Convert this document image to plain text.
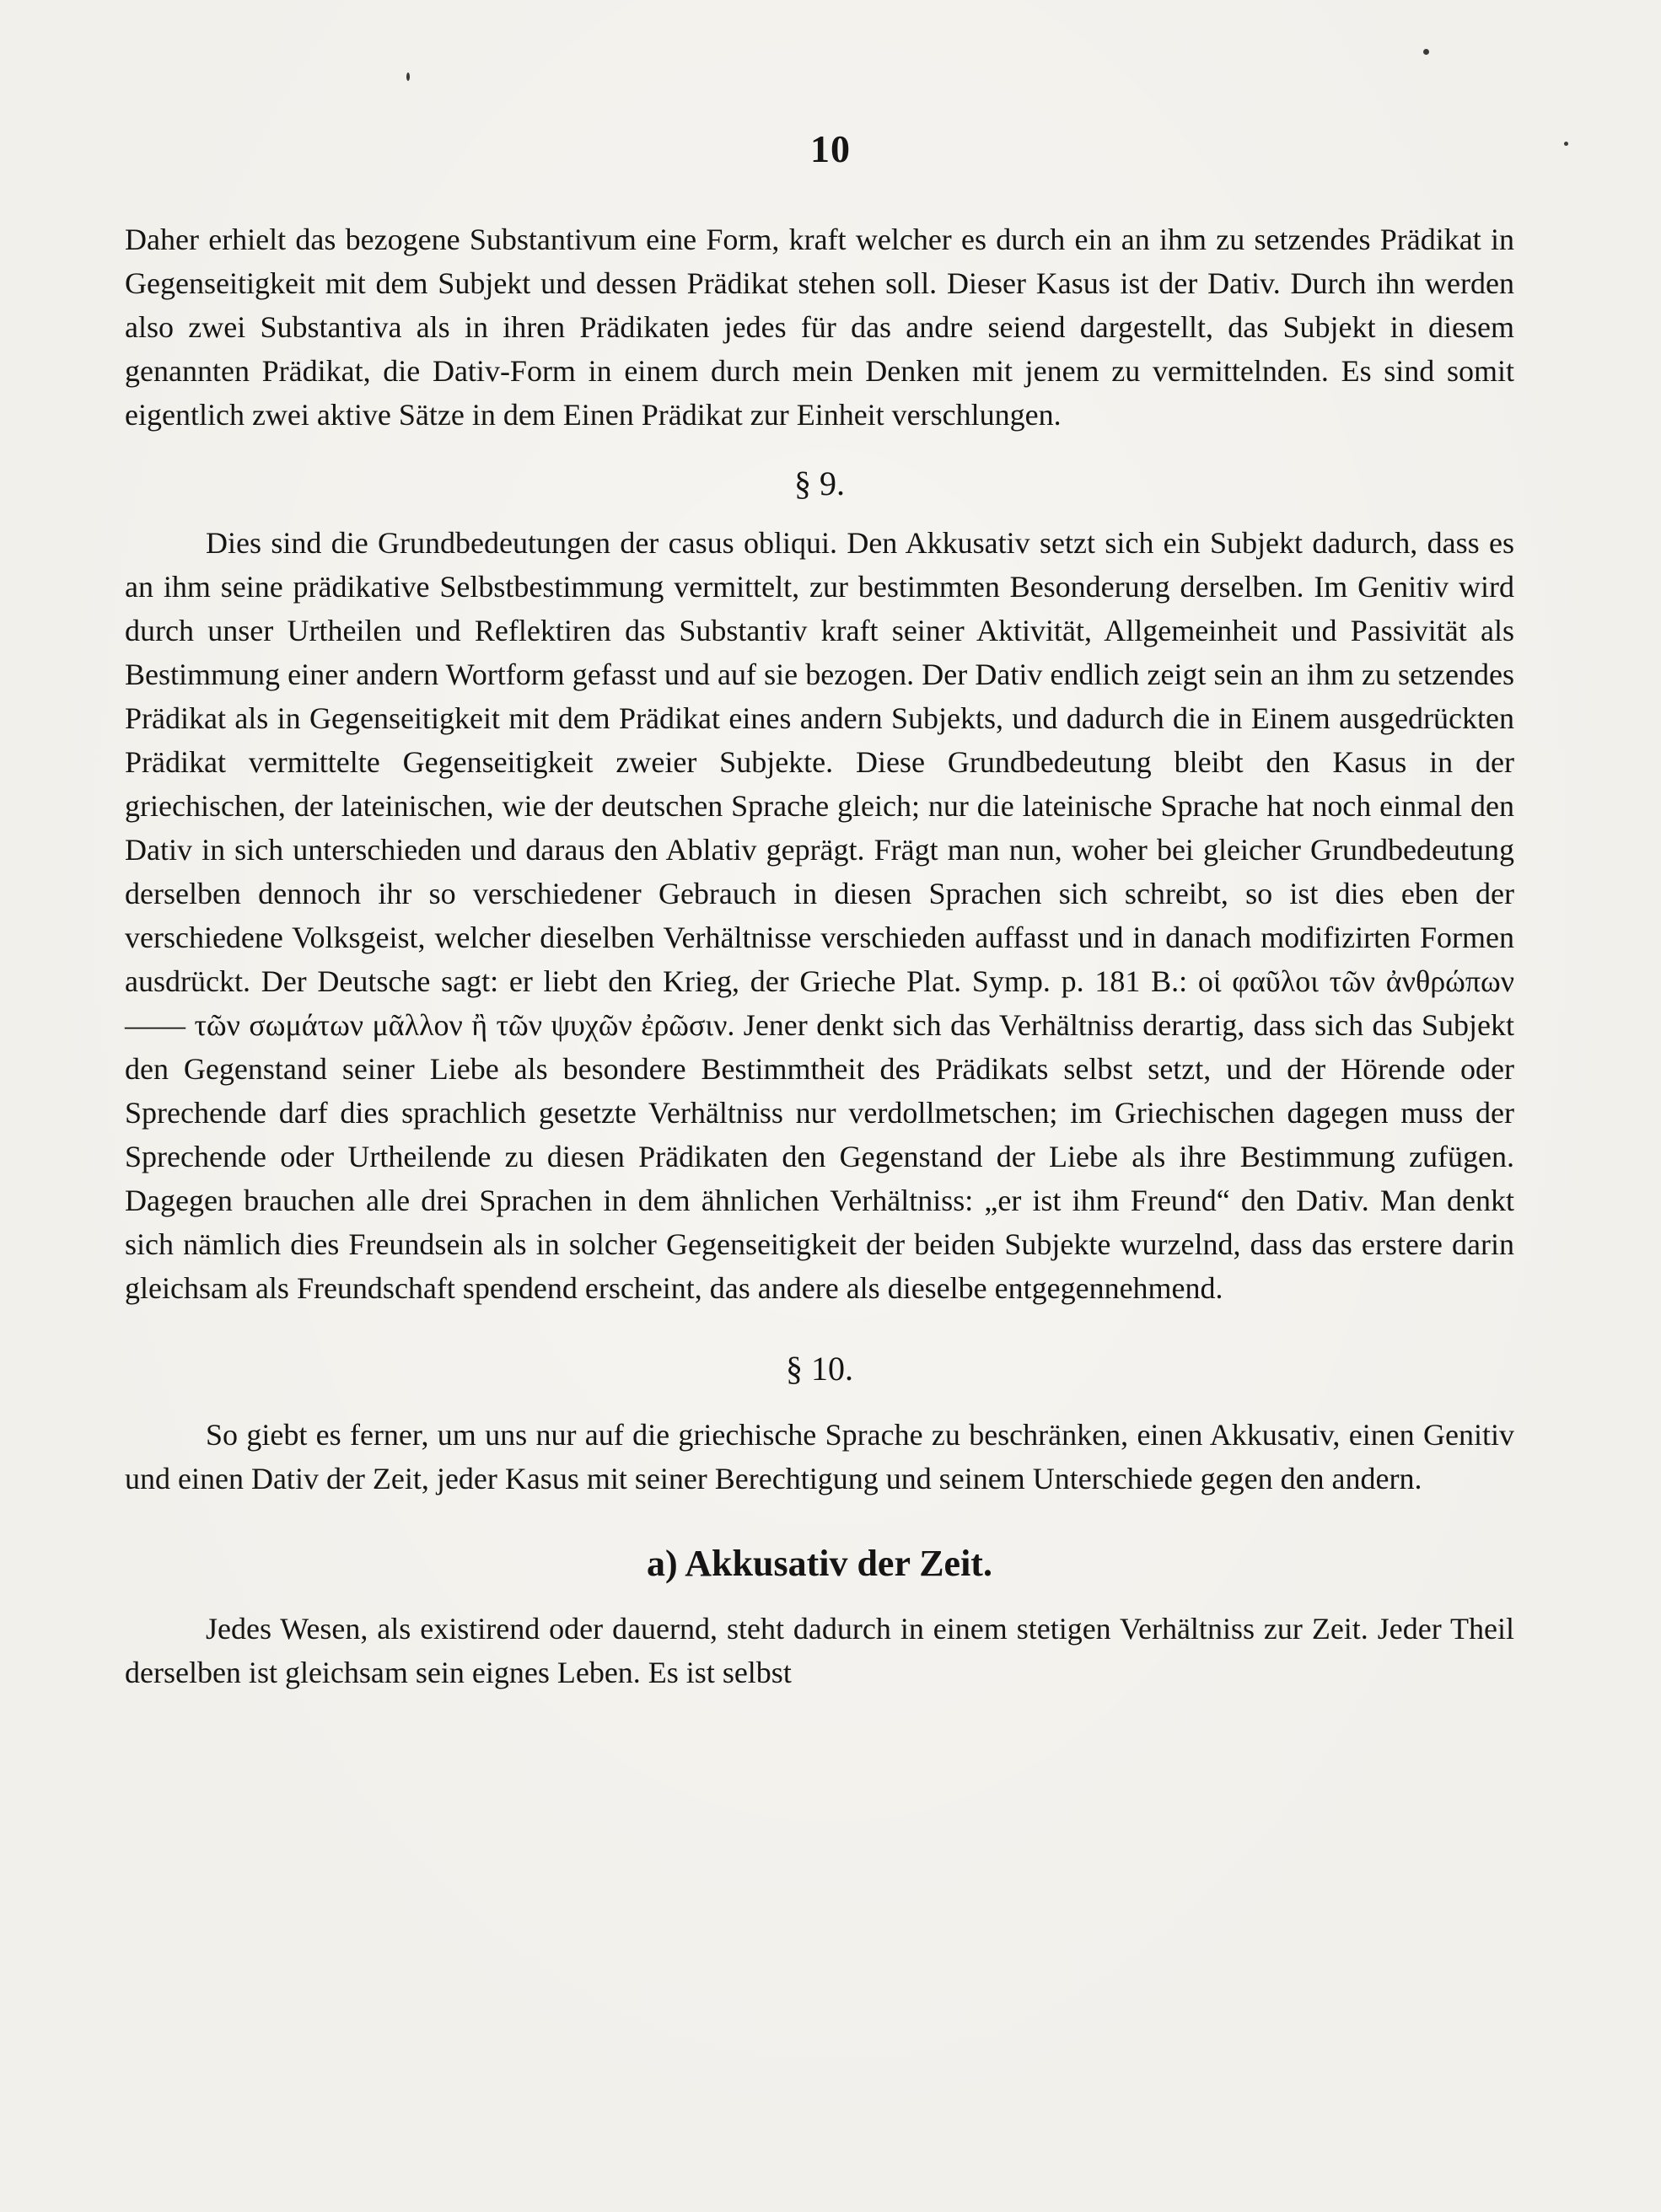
10

Daher erhielt das bezogene Substantivum eine Form, kraft welcher es durch ein an ihm zu setzendes Prädikat in Gegenseitigkeit mit dem Subjekt und dessen Prädikat stehen soll. Dieser Kasus ist der Dativ. Durch ihn werden also zwei Substantiva als in ihren Prädikaten jedes für das andre seiend dargestellt, das Subjekt in diesem genannten Prädikat, die Dativ-Form in einem durch mein Denken mit jenem zu vermittelnden. Es sind somit eigentlich zwei aktive Sätze in dem Einen Prädikat zur Einheit verschlungen.

§ 9.

Dies sind die Grundbedeutungen der casus obliqui. Den Akkusativ setzt sich ein Subjekt dadurch, dass es an ihm seine prädikative Selbstbestimmung vermittelt, zur bestimmten Besonderung derselben. Im Genitiv wird durch unser Urtheilen und Reflektiren das Substantiv kraft seiner Aktivität, Allgemeinheit und Passivität als Bestimmung einer andern Wortform gefasst und auf sie bezogen. Der Dativ endlich zeigt sein an ihm zu setzendes Prädikat als in Gegenseitigkeit mit dem Prädikat eines andern Subjekts, und dadurch die in Einem ausgedrückten Prädikat vermittelte Gegenseitigkeit zweier Subjekte. Diese Grundbedeutung bleibt den Kasus in der griechischen, der lateinischen, wie der deutschen Sprache gleich; nur die lateinische Sprache hat noch einmal den Dativ in sich unterschieden und daraus den Ablativ geprägt. Frägt man nun, woher bei gleicher Grundbedeutung derselben dennoch ihr so verschiedener Gebrauch in diesen Sprachen sich schreibt, so ist dies eben der verschiedene Volksgeist, welcher dieselben Verhältnisse verschieden auffasst und in danach modifizirten Formen ausdrückt. Der Deutsche sagt: er liebt den Krieg, der Grieche Plat. Symp. p. 181 B.: οἱ φαῦλοι τῶν ἀνθρώπων —— τῶν σωμάτων μᾶλλον ἢ τῶν ψυχῶν ἐρῶσιν. Jener denkt sich das Verhältniss derartig, dass sich das Subjekt den Gegenstand seiner Liebe als besondere Bestimmtheit des Prädikats selbst setzt, und der Hörende oder Sprechende darf dies sprachlich gesetzte Verhältniss nur verdollmetschen; im Griechischen dagegen muss der Sprechende oder Urtheilende zu diesen Prädikaten den Gegenstand der Liebe als ihre Bestimmung zufügen. Dagegen brauchen alle drei Sprachen in dem ähnlichen Verhältniss: „er ist ihm Freund“ den Dativ. Man denkt sich nämlich dies Freundsein als in solcher Gegenseitigkeit der beiden Subjekte wurzelnd, dass das erstere darin gleichsam als Freundschaft spendend erscheint, das andere als dieselbe entgegennehmend.

§ 10.

So giebt es ferner, um uns nur auf die griechische Sprache zu beschränken, einen Akkusativ, einen Genitiv und einen Dativ der Zeit, jeder Kasus mit seiner Berechtigung und seinem Unterschiede gegen den andern.

a) Akkusativ der Zeit.

Jedes Wesen, als existirend oder dauernd, steht dadurch in einem stetigen Verhältniss zur Zeit. Jeder Theil derselben ist gleichsam sein eignes Leben. Es ist selbst
